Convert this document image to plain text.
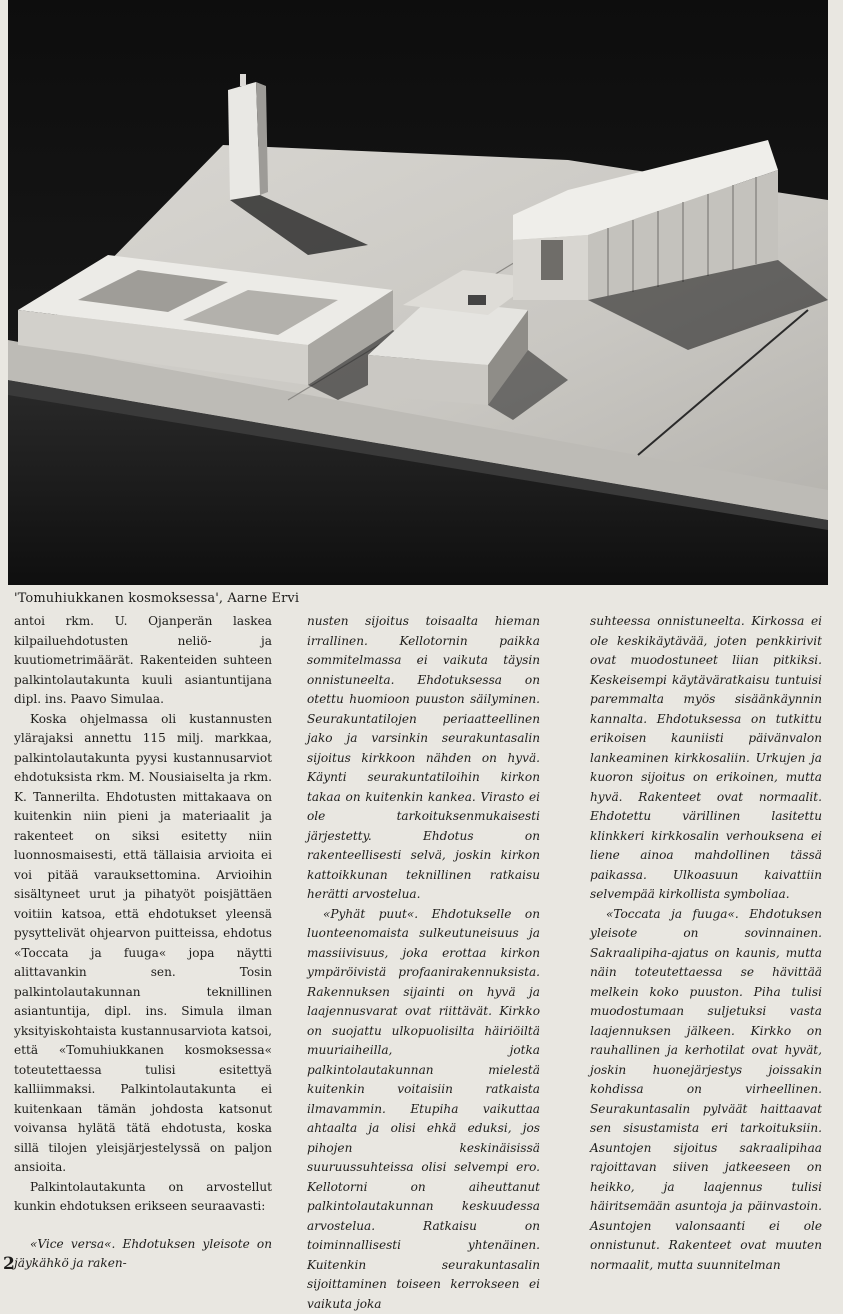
'Tomuhiukkanen kosmoksessa', Aarne Ervi

antoi rkm. U. Ojanperän laskea kilpailuehdotusten neliö- ja kuutiometrimäärät. Rakenteiden suhteen palkintolautakunta kuuli asiantuntijana dipl. ins. Paavo Simulaa.

Koska ohjelmassa oli kustannusten ylärajaksi annettu 115 milj. markkaa, palkintolautakunta pyysi kustannusarviot ehdotuksista rkm. M. Nousiaiselta ja rkm. K. Tannerilta. Ehdotusten mittakaava on kuitenkin niin pieni ja materiaalit ja rakenteet on siksi esitetty niin luonnosmaisesti, että tällaisia arvioita ei voi pitää varauksettomina. Arvioihin sisältyneet urut ja pihatyöt poisjättäen voitiin katsoa, että ehdotukset yleensä pysyttelivät ohjearvon puitteissa, ehdotus «Toccata ja fuuga« jopa näytti alittavankin sen. Tosin palkintolautakunnan teknillinen asiantuntija, dipl. ins. Simula ilman yksityiskohtaista kustannusarviota katsoi, että «Tomuhiukkanen kosmoksessa« toteutettaessa tulisi esitettyä kalliimmaksi. Palkintolautakunta ei kuitenkaan tämän johdosta katsonut voivansa hylätä tätä ehdotusta, koska sillä tilojen yleisjärjestelyssä on paljon ansioita.

Palkintolautakunta on arvostellut kunkin ehdotuksen erikseen seuraavasti:

«Vice versa«. Ehdotuksen yleisote on jäykähkö ja raken-

nusten sijoitus toisaalta hieman irrallinen. Kellotornin paikka sommitelmassa ei vaikuta täysin onnistuneelta. Ehdotuksessa on otettu huomioon puuston säilyminen. Seurakuntatilojen periaatteellinen jako ja varsinkin seurakuntasalin sijoitus kirkkoon nähden on hyvä. Käynti seurakuntatiloihin kirkon takaa on kuitenkin kankea. Virasto ei ole tarkoituksenmukaisesti järjestetty. Ehdotus on rakenteellisesti selvä, joskin kirkon kattoikkunan teknillinen ratkaisu herätti arvostelua.

«Pyhät puut«. Ehdotukselle on luonteenomaista sulkeutuneisuus ja massiivisuus, joka erottaa kirkon ympäröivistä profaanirakennuksista. Rakennuksen sijainti on hyvä ja laajennusvarat ovat riittävät. Kirkko on suojattu ulkopuolisilta häiriöiltä muuriaiheilla, jotka palkintolautakunnan mielestä kuitenkin voitaisiin ratkaista ilmavammin. Etupiha vaikuttaa ahtaalta ja olisi ehkä eduksi, jos pihojen keskinäisissä suuruussuhteissa olisi selvempi ero. Kellotorni on aiheuttanut palkintolautakunnan keskuudessa arvostelua. Ratkaisu on toiminnallisesti yhtenäinen. Kuitenkin seurakuntasalin sijoittaminen toiseen kerrokseen ei vaikuta joka

suhteessa onnistuneelta. Kirkossa ei ole keskikäytävää, joten penkkirivit ovat muodostuneet liian pitkiksi. Keskeisempi käytäväratkaisu tuntuisi paremmalta myös sisäänkäynnin kannalta. Ehdotuksessa on tutkittu erikoisen kauniisti päivänvalon lankeaminen kirkkosaliin. Urkujen ja kuoron sijoitus on erikoinen, mutta hyvä. Rakenteet ovat normaalit. Ehdotettu värillinen lasitettu klinkkeri kirkkosalin verhouksena ei liene ainoa mahdollinen tässä paikassa. Ulkoasuun kaivattiin selvempää kirkollista symboliaa.

«Toccata ja fuuga«. Ehdotuksen yleisote on sovinnainen. Sakraalipiha-ajatus on kaunis, mutta näin toteutettaessa se hävittää melkein koko puuston. Piha tulisi muodostumaan suljetuksi vasta laajennuksen jälkeen. Kirkko on rauhallinen ja kerhotilat ovat hyvät, joskin huonejärjestys joissakin kohdissa on virheellinen. Seurakuntasalin pylväät haittaavat sen sisustamista eri tarkoituksiin. Asuntojen sijoitus sakraalipihaa rajoittavan siiven jatkeeseen on heikko, ja laajennus tulisi häiritsemään asuntoja ja päinvastoin. Asuntojen valonsaanti ei ole onnistunut. Rakenteet ovat muuten normaalit, mutta suunnitelman

2
